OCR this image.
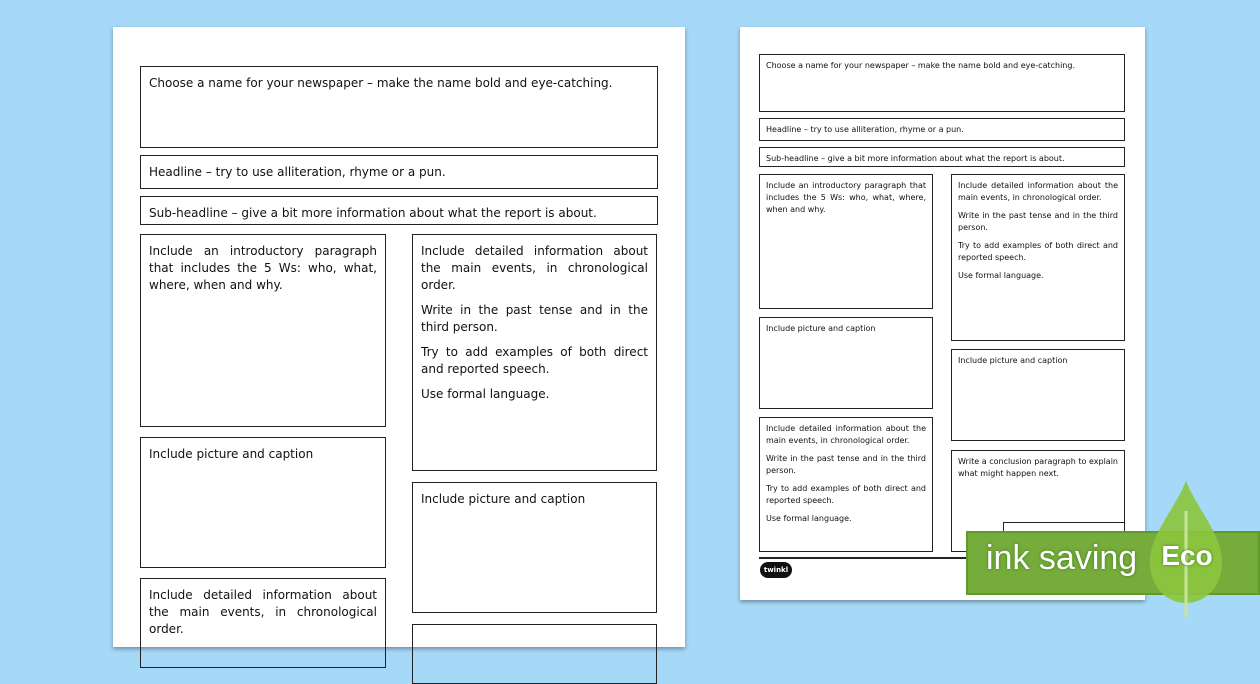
Choose a name for your newspaper – make the name bold and eye-catching.

Headline – try to use alliteration, rhyme or a pun.

Sub-headline – give a bit more information about what the report is about.

Include an introductory paragraph that includes the 5 Ws: who, what, where, when and why.

Include detailed information about the main events, in chronological order.

Write in the past tense and in the third person.

Try to add examples of both direct and reported speech.

Use formal language.

Include picture and caption

Include picture and caption

Include detailed information about the main events, in chronological order.

twinkl

Choose a name for your newspaper – make the name bold and eye-catching.

Headline – try to use alliteration, rhyme or a pun.

Sub-headline – give a bit more information about what the report is about.

Include an introductory paragraph that includes the 5 Ws: who, what, where, when and why.

Include detailed information about the main events, in chronological order.

Write in the past tense and in the third person.

Try to add examples of both direct and reported speech.

Use formal language.

Include picture and caption

Include picture and caption

Include detailed information about the main events, in chronological order.

Write in the past tense and in the third person.

Try to add examples of both direct and reported speech.

Use formal language.

Write a conclusion paragraph to explain what might happen next.

ink saving Eco
